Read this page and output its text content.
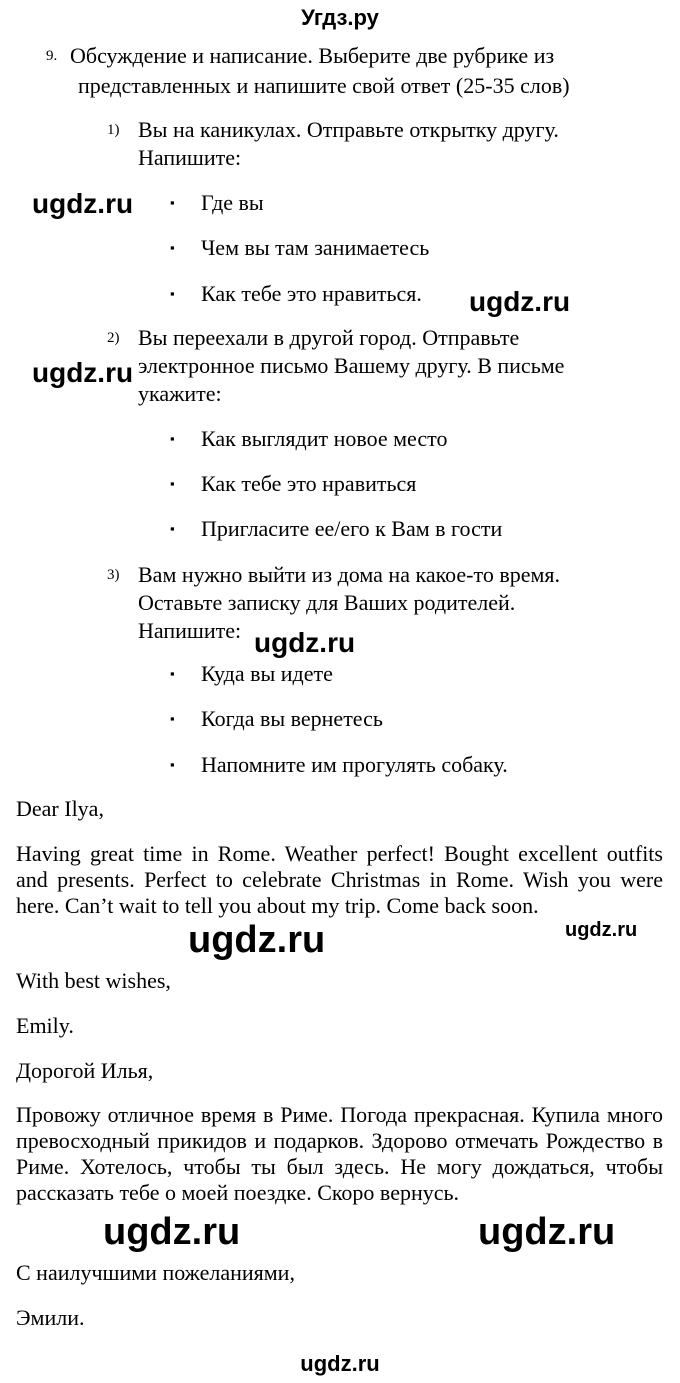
Угдз.ру
9. Обсуждение и написание. Выберите две рубрике из
представленных и напишите свой ответ (25-35 слов)
1) Вы на каникулах. Отправьте открытку другу.
Напишите:
▪ Где вы
▪ Чем вы там занимаетесь
▪ Как тебе это нравиться.
2) Вы переехали в другой город. Отправьте
электронное письмо Вашему другу. В письме
укажите:
▪ Как выглядит новое место
▪ Как тебе это нравиться
▪ Пригласите ее/его к Вам в гости
3) Вам нужно выйти из дома на какое-то время.
Оставьте записку для Ваших родителей.
Напишите:
▪ Куда вы идете
▪ Когда вы вернетесь
▪ Напомните им прогулять собаку.
Dear Ilya,
Having great time in Rome. Weather perfect! Bought excellent outfits and presents. Perfect to celebrate Christmas in Rome. Wish you were here. Can’t wait to tell you about my trip. Come back soon.
With best wishes,
Emily.
Дорогой Илья,
Провожу отличное время в Риме. Погода прекрасная. Купила много превосходный прикидов и подарков. Здорово отмечать Рождество в Риме. Хотелось, чтобы ты был здесь. Не могу дождаться, чтобы рассказать тебе о моей поездке. Скоро вернусь.
С наилучшими пожеланиями,
Эмили.
ugdz.ru
ugdz.ru
ugdz.ru
ugdz.ru
ugdz.ru	ugdz.ru
ugdz.ru	ugdz.ru
ugdz.ru
